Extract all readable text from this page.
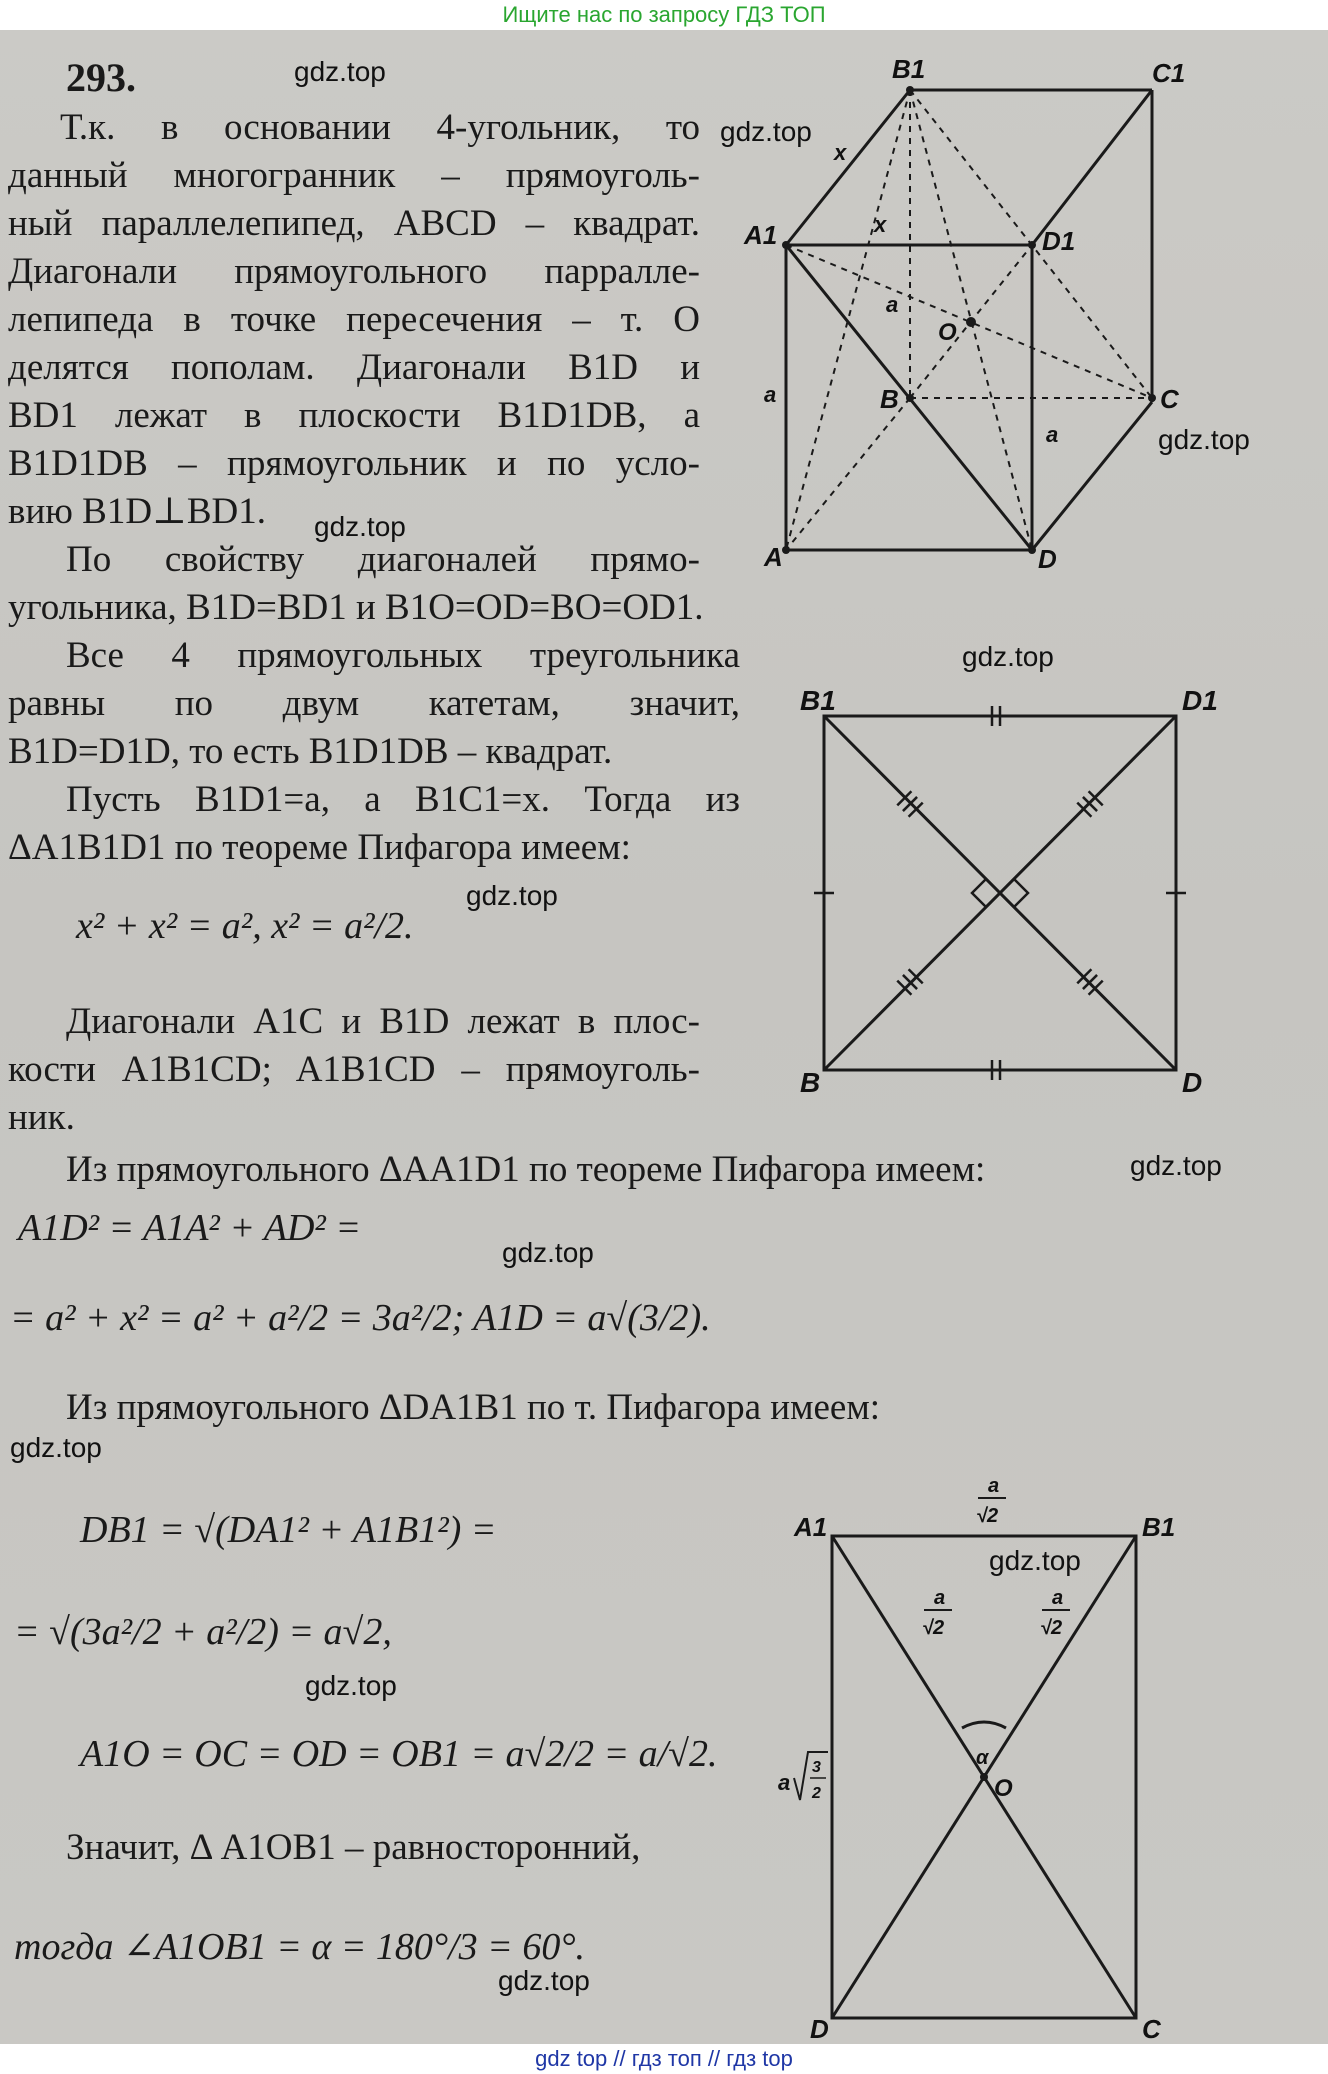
Ищите нас по запросу ГДЗ ТОП
gdz.top
gdz.top
gdz.top
gdz.top
gdz.top
gdz.top
gdz.top
gdz.top
gdz.top
gdz.top
gdz.top
gdz.top
293.
Т.к. в основании 4-угольник, то
данный многогранник – прямоуголь-
ный параллелепипед, ABCD – квадрат.
Диагонали прямоугольного парралле-
лепипеда в точке пересечения – т. O
делятся пополам. Диагонали B1D и
BD1 лежат в плоскости B1D1DB, а
B1D1DB – прямоугольник и по усло-
вию B1D⊥BD1.
По свойству диагоналей прямо-
угольника, B1D=BD1 и B1O=OD=BO=OD1.
Все 4 прямоугольных треугольника
равны по двум катетам, значит,
B1D=D1D, то есть B1D1DB – квадрат.
Пусть B1D1=a, а B1C1=x. Тогда из
ΔA1B1D1 по теореме Пифагора имеем:
x² + x² = a², x² = a²/2.
Диагонали A1C и B1D лежат в плос-
кости A1B1CD; A1B1CD – прямоуголь-
ник.
Из прямоугольного ΔAA1D1 по теореме Пифагора имеем:
A1D² = A1A² + AD² =
= a² + x² = a² + a²/2 = 3a²/2; A1D = a√(3/2).
Из прямоугольного ΔDA1B1 по т. Пифагора имеем:
DB1 = √(DA1² + A1B1²) =
= √(3a²/2 + a²/2) = a√2,
A1O = OC = OD = OB1 = a√2/2 = a/√2.
Значит, Δ A1OB1 – равносторонний,
тогда ∠A1OB1 = α = 180°/3 = 60°.
B1	C1
A1	D1
O
B	C
A	D
x
x
a
a
a
B1	D1
B	D
A1	B1
α
O
D	C
a
√2
a
√2
a
√2
a
3
2
gdz top // гдз топ // гдз top
